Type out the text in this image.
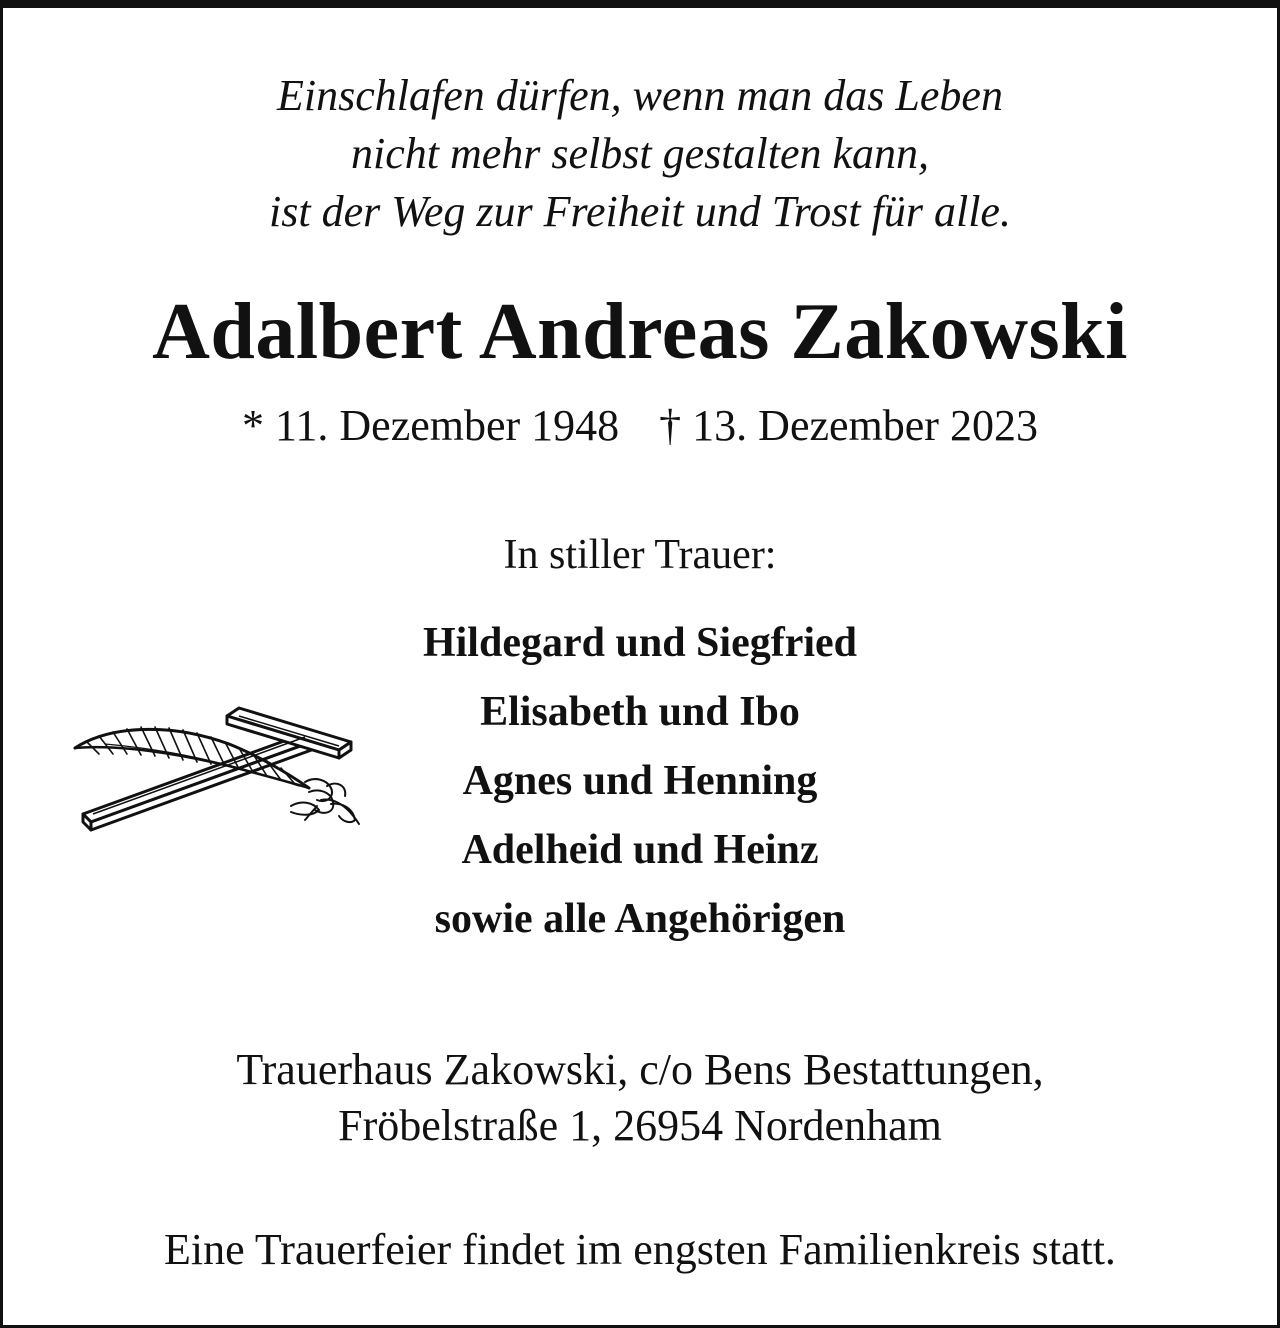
Einschlafen dürfen, wenn man das Leben
nicht mehr selbst gestalten kann,
ist der Weg zur Freiheit und Trost für alle.
Adalbert Andreas Zakowski
* 11. Dezember 1948 † 13. Dezember 2023
In stiller Trauer:
Hildegard und Siegfried
Elisabeth und Ibo
Agnes und Henning
Adelheid und Heinz
sowie alle Angehörigen
Trauerhaus Zakowski, c/o Bens Bestattungen,
Fröbelstraße 1, 26954 Nordenham
Eine Trauerfeier findet im engsten Familienkreis statt.
